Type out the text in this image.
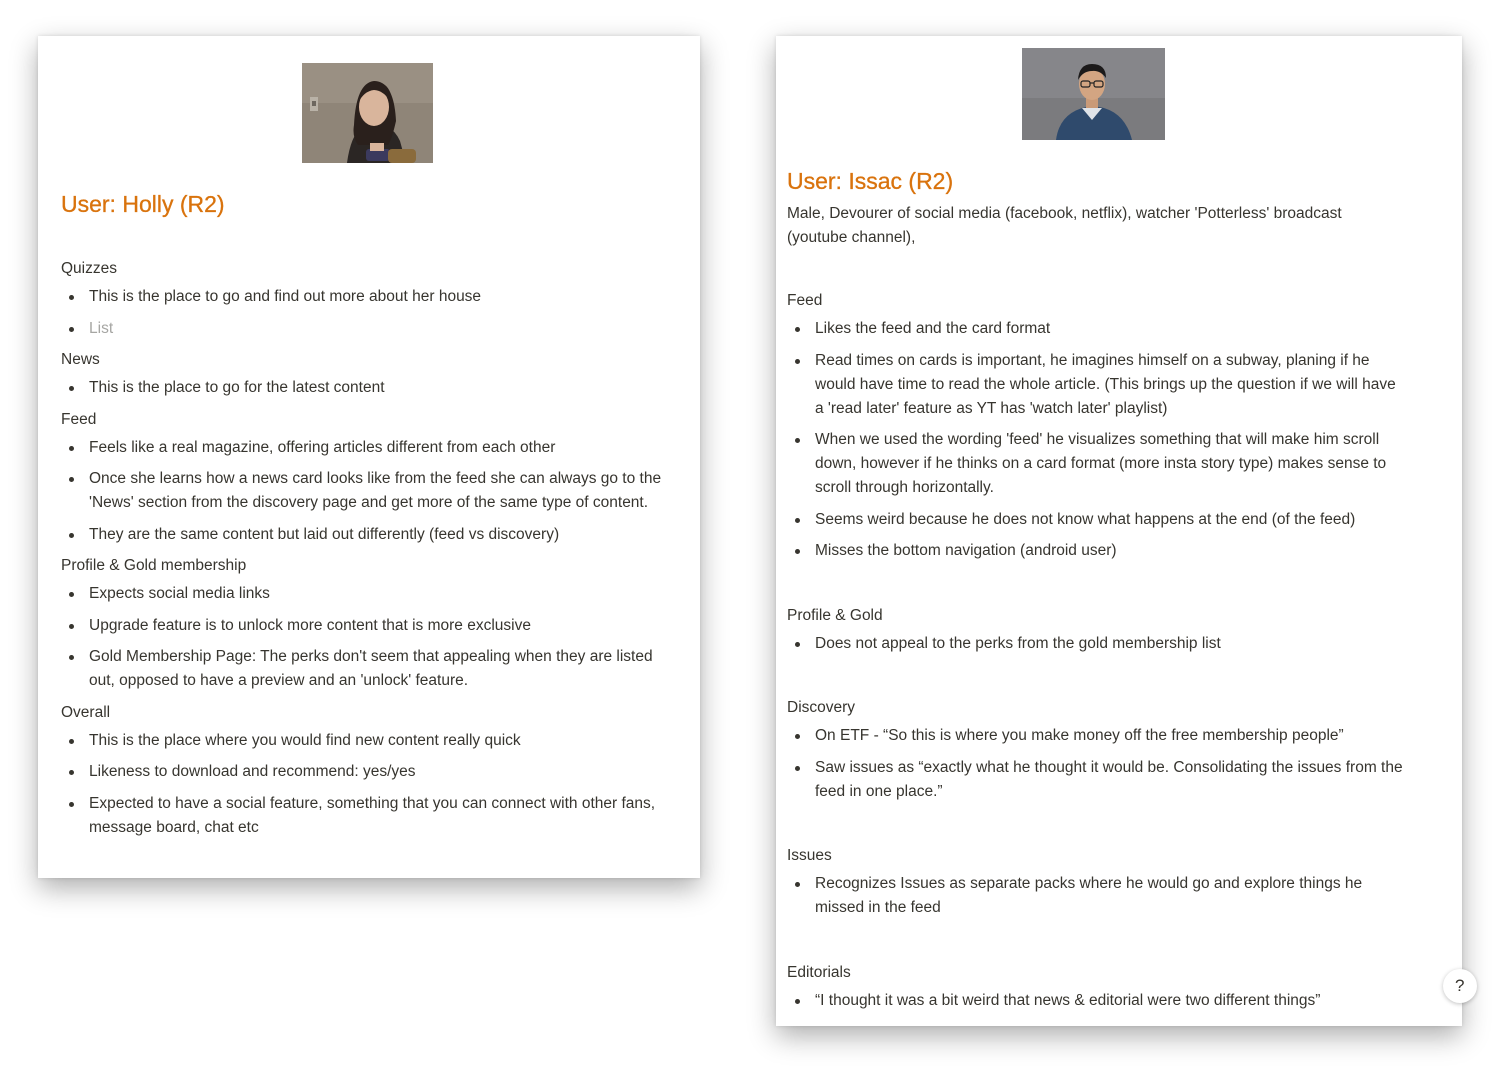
User: Holly (R2)
Quizzes
This is the place to go and find out more about her house
List
News
This is the place to go for the latest content
Feed
Feels like a real magazine, offering articles different from each other
Once she learns how a news card looks like from the feed she can always go to the 'News' section from the discovery page and get more of the same type of content.
They are the same content but laid out differently (feed vs discovery)
Profile & Gold membership
Expects social media links
Upgrade feature is to unlock more content that is more exclusive
Gold Membership Page: The perks don't seem that appealing when they are listed out, opposed to have a preview and an 'unlock' feature.
Overall
This is the place where you would find new content really quick
Likeness to download and recommend: yes/yes
Expected to have a social feature, something that you can connect with other fans, message board, chat etc
User: Issac (R2)
Male, Devourer of social media (facebook, netflix), watcher 'Potterless' broadcast (youtube channel),
Feed
Likes the feed and the card format
Read times on cards is important, he imagines himself on a subway, planing if he would have time to read the whole article. (This brings up the question if we will have a 'read later' feature as YT has 'watch later' playlist)
When we used the wording 'feed' he visualizes something that will make him scroll down, however if he thinks on a card format (more insta story type) makes sense to scroll through horizontally.
Seems weird because he does not know what happens at the end (of the feed)
Misses the bottom navigation (android user)
Profile & Gold
Does not appeal to the perks from the gold membership list
Discovery
On ETF - “So this is where you make money off the free membership people”
Saw issues as “exactly what he thought it would be. Consolidating the issues from the feed in one place.”
Issues
Recognizes Issues as separate packs where he would go and explore things he missed in the feed
Editorials
“I thought it was a bit weird that news & editorial were two different things”
?
